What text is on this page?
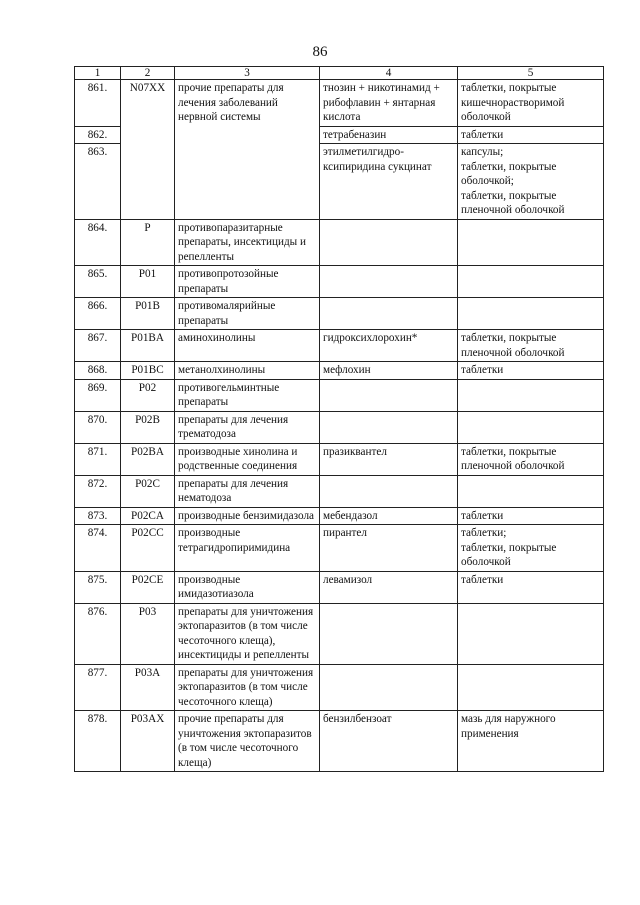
86
1	2	3	4	5
861.	N07XX	прочие препараты для лечения заболеваний нервной системы	тнозин + никотинамид + рибофлавин + янтарная кислота	таблетки, покрытые кишечнорастворимой оболочкой
862.			тетрабеназин	таблетки
863.			этилметилгидро-ксипиридина сукцинат	капсулы;
таблетки, покрытые оболочкой;
таблетки, покрытые пленочной оболочкой
864.	P	противопаразитарные препараты, инсектициды и репелленты		
865.	P01	противопротозойные препараты		
866.	P01B	противомалярийные препараты		
867.	P01BA	аминохинолины	гидроксихлорохин*	таблетки, покрытые пленочной оболочкой
868.	P01BC	метанолхинолины	мефлохин	таблетки
869.	P02	противогельминтные препараты		
870.	P02B	препараты для лечения трематодоза		
871.	P02BA	производные хинолина и родственные соединения	празиквантел	таблетки, покрытые пленочной оболочкой
872.	P02C	препараты для лечения нематодоза		
873.	P02CA	производные бензимидазола	мебендазол	таблетки
874.	P02CC	производные тетрагидропиримидина	пирантел	таблетки;
таблетки, покрытые оболочкой
875.	P02CE	производные имидазотиазола	левамизол	таблетки
876.	P03	препараты для уничтожения эктопаразитов (в том числе чесоточного клеща), инсектициды и репелленты		
877.	P03A	препараты для уничтожения эктопаразитов (в том числе чесоточного клеща)		
878.	P03AX	прочие препараты для уничтожения эктопаразитов (в том числе чесоточного клеща)	бензилбензоат	мазь для наружного применения
